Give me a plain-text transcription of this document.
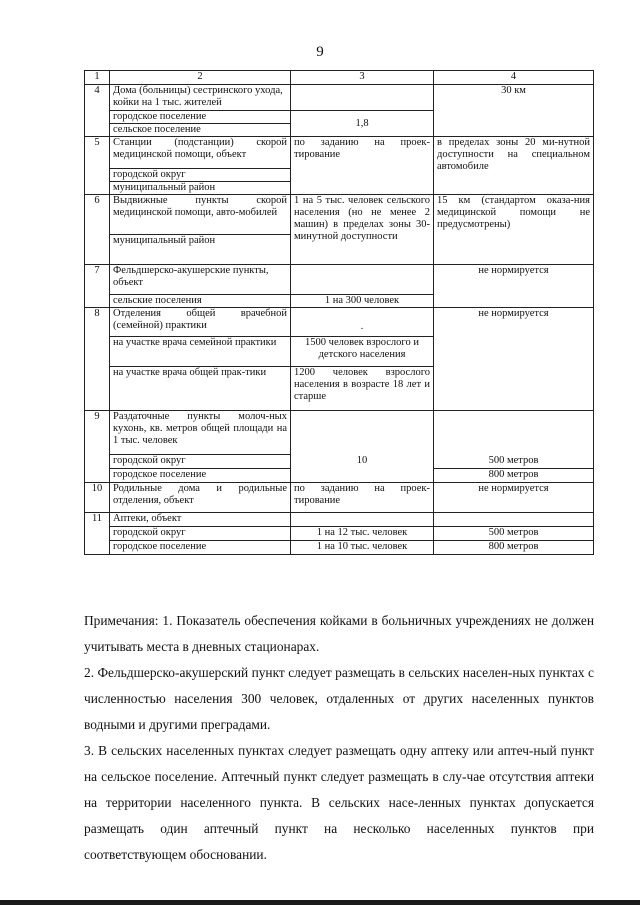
9
1	2	3	4
4	Дома (больницы) сестринского ухода, койки на 1 тыс. жителей		30 км
	городское поселение	1,8	
	сельское поселение		
5	Станции (подстанции) скорой медицинской помощи, объект	по заданию на проек-тирование	в пределах зоны 20 ми-нутной доступности на специальном автомобиле
	городской округ		
	муниципальный район		
6	Выдвижные пункты скорой медицинской помощи, авто-мобилей	1 на 5 тыс. человек сельского населения (но не менее 2 машин) в пределах зоны 30-минутной доступности	15 км (стандартом оказа-ния медицинской помощи не предусмотрены)
	муниципальный район		
7	Фельдшерско-акушерские пункты, объект		не нормируется
	сельские поселения	1 на 300 человек	
8	Отделения общей врачебной (семейной) практики	·	не нормируется
	на участке врача семейной практики	1500 человек взрослого и детского населения	
	на участке врача общей прак-тики	1200 человек взрослого населения в возрасте 18 лет и старше	
9	Раздаточные пункты молоч-ных кухонь, кв. метров общей площади на 1 тыс. человек		
	городской округ	10	500 метров
	городское поселение		800 метров
10	Родильные дома и родильные отделения, объект	по заданию на проек-тирование	не нормируется
11	Аптеки, объект		
	городской округ	1 на 12 тыс. человек	500 метров
	городское поселение	1 на 10 тыс. человек	800 метров

Примечания: 1. Показатель обеспечения койками в больничных учреждениях не должен учитывать места в дневных стационарах.

2. Фельдшерско-акушерский пункт следует размещать в сельских населен-ных пунктах с численностью населения 300 человек, отдаленных от других населенных пунктов водными и другими преградами.

3. В сельских населенных пунктах следует размещать одну аптеку или аптеч-ный пункт на сельское поселение. Аптечный пункт следует размещать в слу-чае отсутствия аптеки на территории населенного пункта. В сельских насе-ленных пунктах допускается размещать один аптечный пункт на несколько населенных пунктов при соответствующем обосновании.
